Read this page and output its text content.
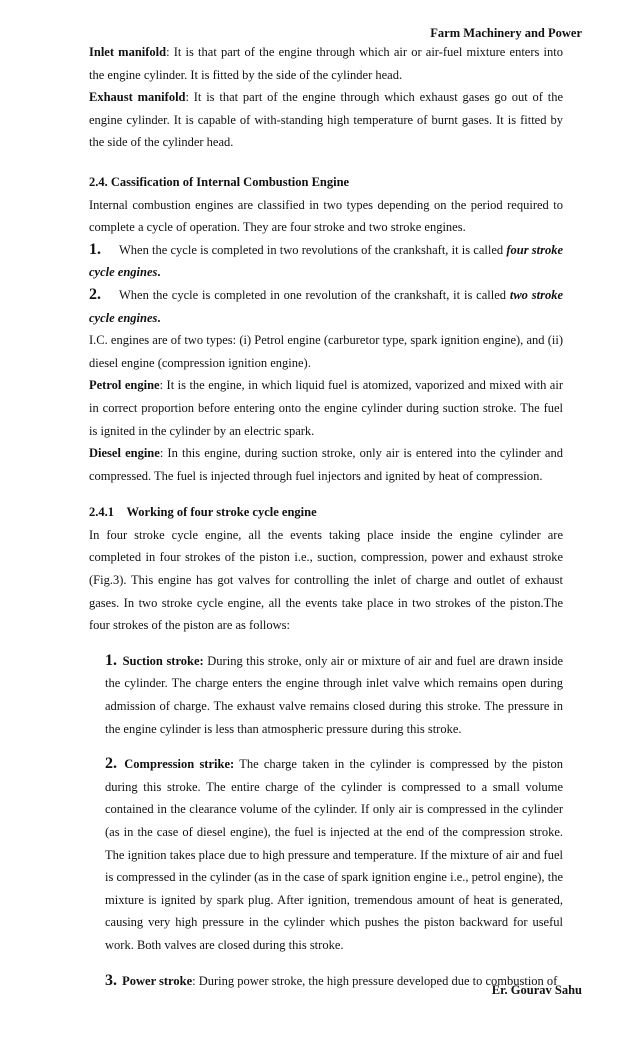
Farm Machinery and Power

Inlet manifold: It is that part of the engine through which air or air-fuel mixture enters into the engine cylinder. It is fitted by the side of the cylinder head.

Exhaust manifold: It is that part of the engine through which exhaust gases go out of the engine cylinder. It is capable of with-standing high temperature of burnt gases. It is fitted by the side of the cylinder head.

2.4. Cassification of Internal Combustion Engine

Internal combustion engines are classified in two types depending on the period required to complete a cycle of operation. They are four stroke and two stroke engines.

1. When the cycle is completed in two revolutions of the crankshaft, it is called four stroke cycle engines.

2. When the cycle is completed in one revolution of the crankshaft, it is called two stroke cycle engines.

I.C. engines are of two types: (i) Petrol engine (carburetor type, spark ignition engine), and (ii) diesel engine (compression ignition engine).

Petrol engine: It is the engine, in which liquid fuel is atomized, vaporized and mixed with air in correct proportion before entering onto the engine cylinder during suction stroke. The fuel is ignited in the cylinder by an electric spark.

Diesel engine: In this engine, during suction stroke, only air is entered into the cylinder and compressed. The fuel is injected through fuel injectors and ignited by heat of compression.

2.4.1    Working of four stroke cycle engine

In four stroke cycle engine, all the events taking place inside the engine cylinder are completed in four strokes of the piston i.e., suction, compression, power and exhaust stroke (Fig.3). This engine has got valves for controlling the inlet of charge and outlet of exhaust gases. In two stroke cycle engine, all the events take place in two strokes of the piston.The four strokes of the piston are as follows:

1. Suction stroke: During this stroke, only air or mixture of air and fuel are drawn inside the cylinder. The charge enters the engine through inlet valve which remains open during admission of charge. The exhaust valve remains closed during this stroke. The pressure in the engine cylinder is less than atmospheric pressure during this stroke.

2. Compression strike: The charge taken in the cylinder is compressed by the piston during this stroke. The entire charge of the cylinder is compressed to a small volume contained in the clearance volume of the cylinder. If only air is compressed in the cylinder (as in the case of diesel engine), the fuel is injected at the end of the compression stroke. The ignition takes place due to high pressure and temperature. If the mixture of air and fuel is compressed in the cylinder (as in the case of spark ignition engine i.e., petrol engine), the mixture is ignited by spark plug. After ignition, tremendous amount of heat is generated, causing very high pressure in the cylinder which pushes the piston backward for useful work. Both valves are closed during this stroke.

3. Power stroke: During power stroke, the high pressure developed due to combustion of

Er. Gourav Sahu
